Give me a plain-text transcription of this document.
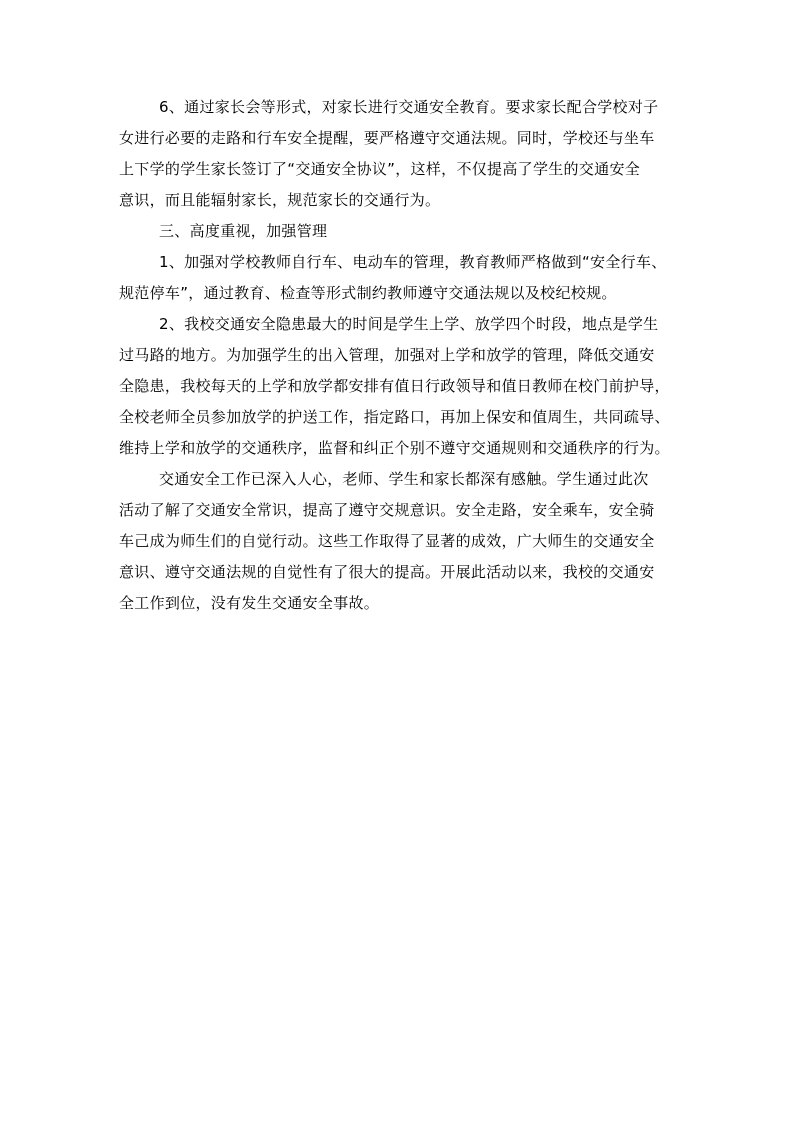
6、通过家长会等形式，对家长进行交通安全教育。要求家长配合学校对子
女进行必要的走路和行车安全提醒，要严格遵守交通法规。同时，学校还与坐车
上下学的学生家长签订了“交通安全协议”，这样，不仅提高了学生的交通安全
意识，而且能辐射家长，规范家长的交通行为。
三、高度重视，加强管理
1、加强对学校教师自行车、电动车的管理，教育教师严格做到“安全行车、
规范停车”，通过教育、检查等形式制约教师遵守交通法规以及校纪校规。
2、我校交通安全隐患最大的时间是学生上学、放学四个时段，地点是学生
过马路的地方。为加强学生的出入管理，加强对上学和放学的管理，降低交通安
全隐患，我校每天的上学和放学都安排有值日行政领导和值日教师在校门前护导，
全校老师全员参加放学的护送工作，指定路口，再加上保安和值周生，共同疏导、
维持上学和放学的交通秩序，监督和纠正个别不遵守交通规则和交通秩序的行为。
交通安全工作已深入人心，老师、学生和家长都深有感触。学生通过此次
活动了解了交通安全常识，提高了遵守交规意识。安全走路，安全乘车，安全骑
车己成为师生们的自觉行动。这些工作取得了显著的成效，广大师生的交通安全
意识、遵守交通法规的自觉性有了很大的提高。开展此活动以来，我校的交通安
全工作到位，没有发生交通安全事故。
